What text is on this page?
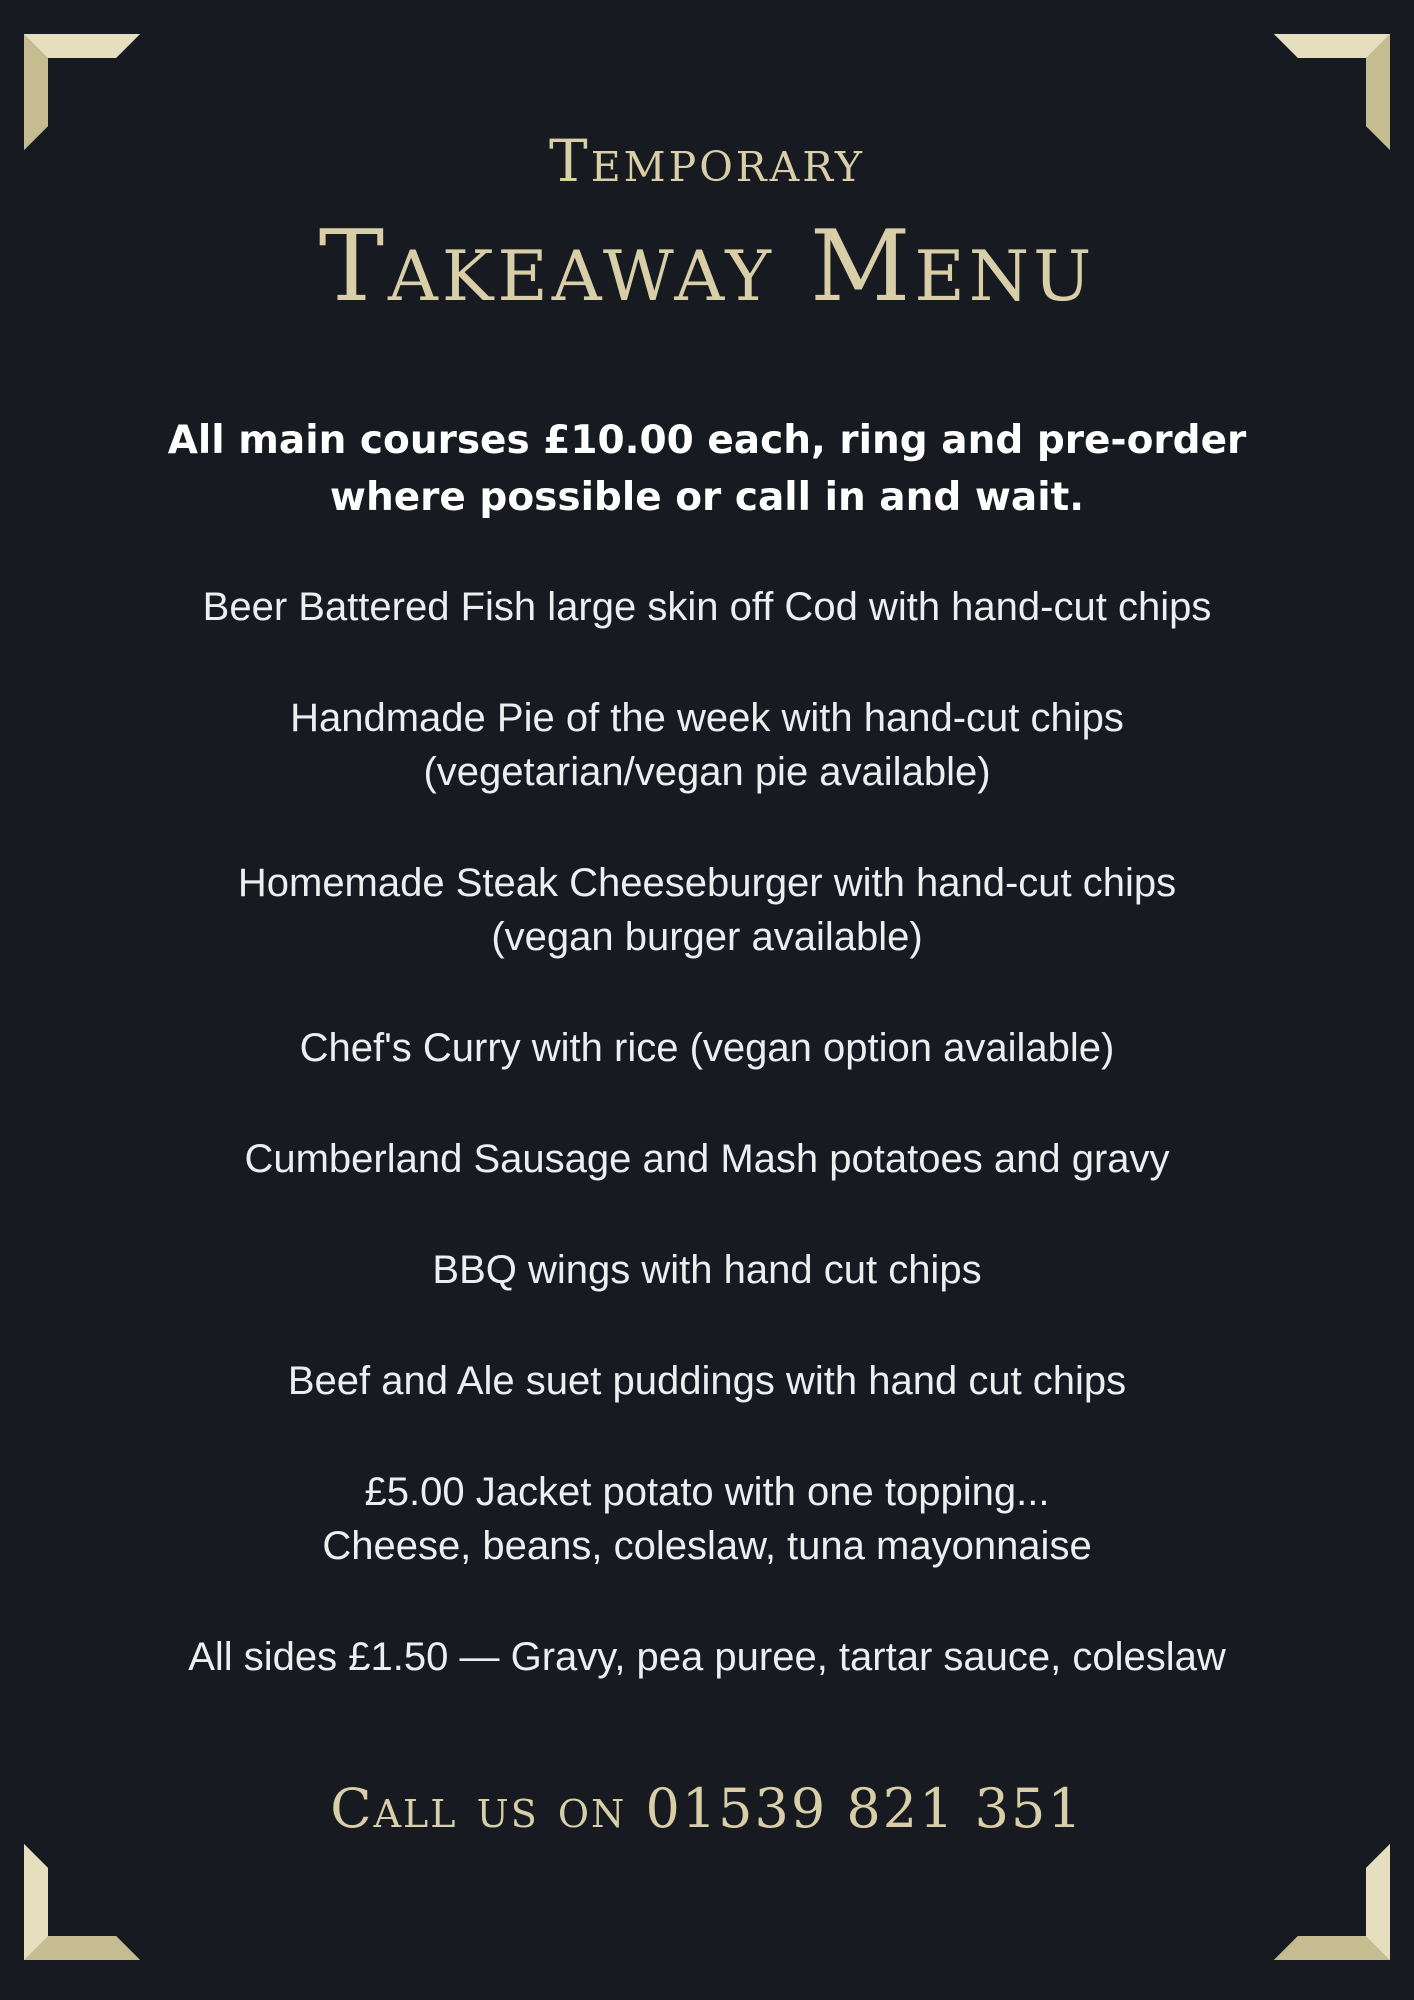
Temporary
Takeaway Menu

All main courses £10.00 each, ring and pre-order
where possible or call in and wait.

Beer Battered Fish large skin off Cod with hand-cut chips

Handmade Pie of the week with hand-cut chips
(vegetarian/vegan pie available)

Homemade Steak Cheeseburger with hand-cut chips
(vegan burger available)

Chef's Curry with rice (vegan option available)

Cumberland Sausage and Mash potatoes and gravy

BBQ wings with hand cut chips

Beef and Ale suet puddings with hand cut chips

£5.00 Jacket potato with one topping...
Cheese, beans, coleslaw, tuna mayonnaise

All sides £1.50 — Gravy, pea puree, tartar sauce, coleslaw

Call us on 01539 821 351
